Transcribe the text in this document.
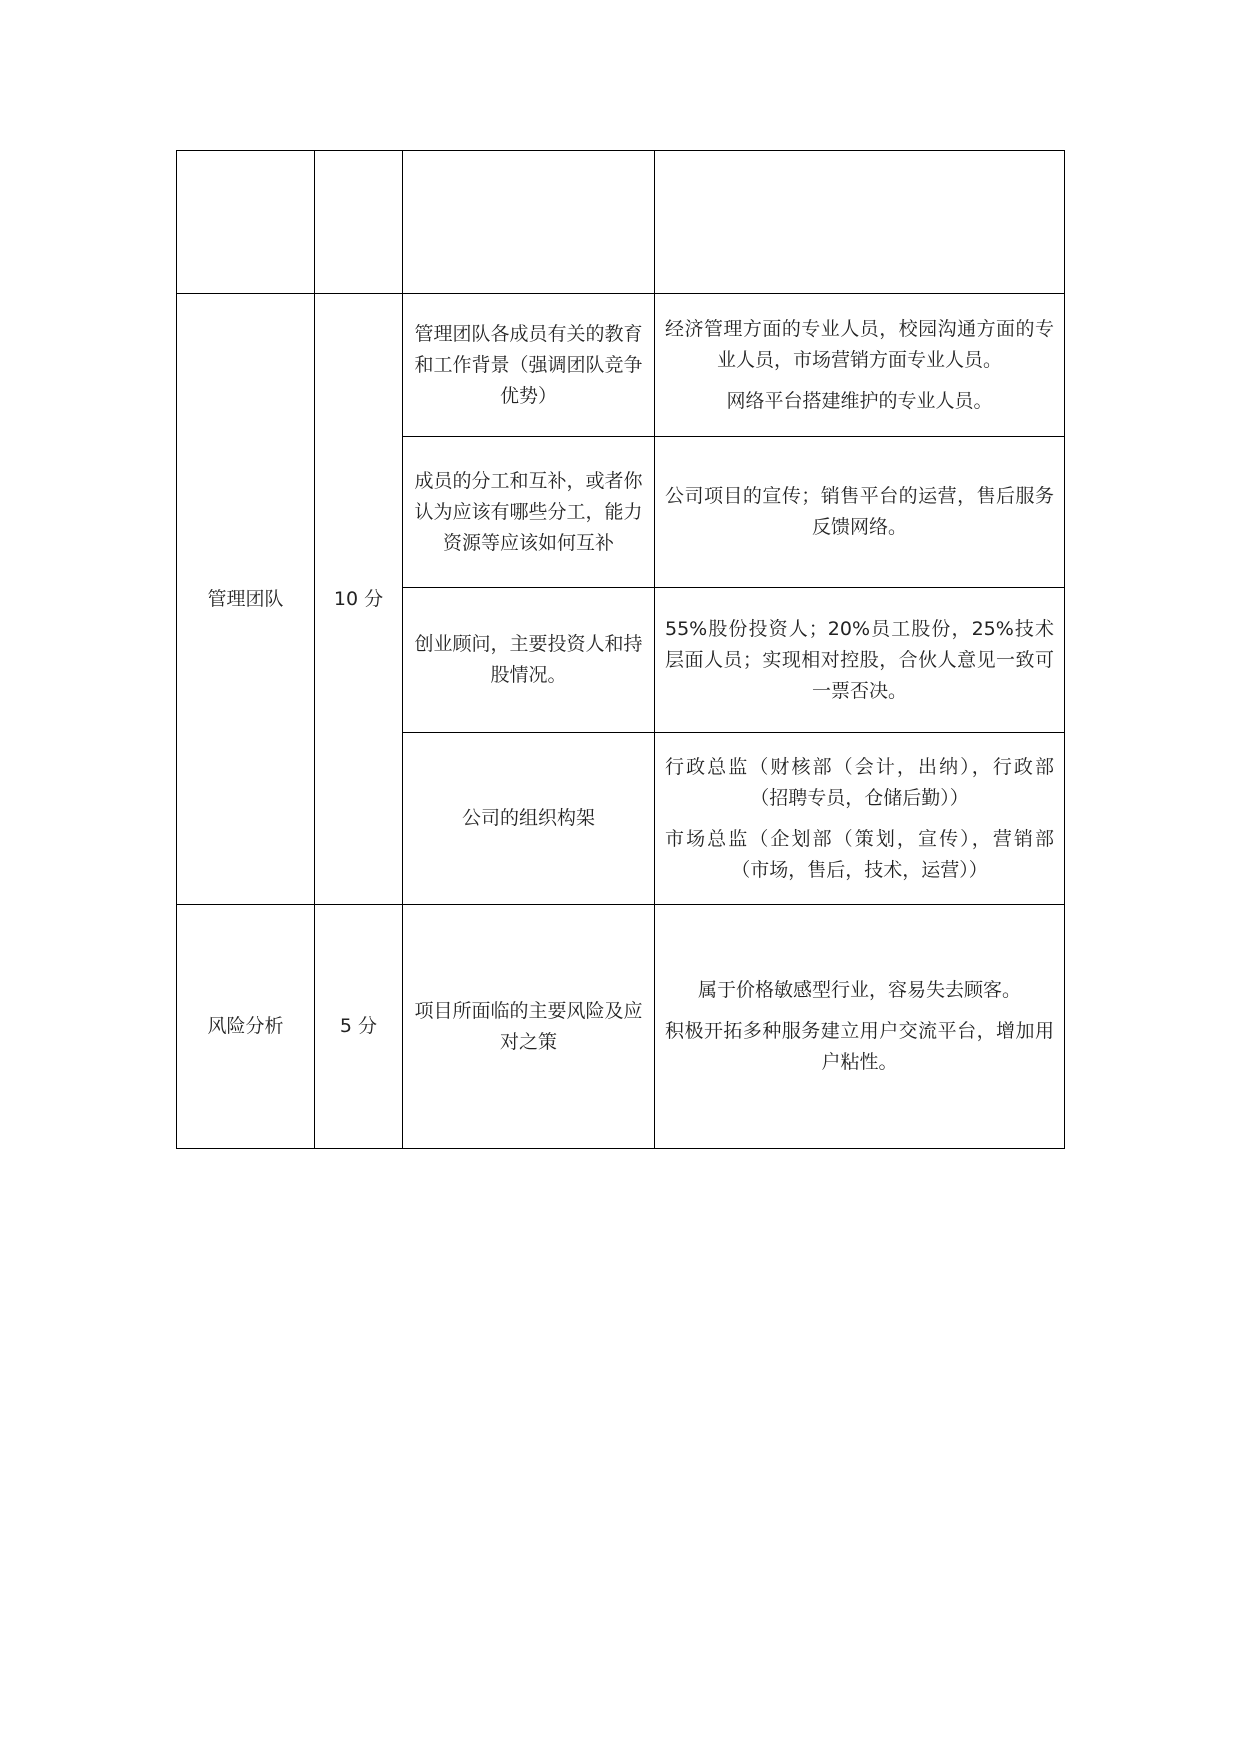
管理团队	10 分	管理团队各成员有关的教育和工作背景（强调团队竞争优势）	经济管理方面的专业人员，校园沟通方面的专业人员，市场营销方面专业人员。

网络平台搭建维护的专业人员。

		成员的分工和互补，或者你认为应该有哪些分工，能力资源等应该如何互补	公司项目的宣传；销售平台的运营，售后服务反馈网络。

		创业顾问，主要投资人和持股情况。	55%股份投资人；20%员工股份，25%技术层面人员；实现相对控股，合伙人意见一致可一票否决。

		公司的组织构架	行政总监（财核部（会计，出纳），行政部（招聘专员，仓储后勤））

市场总监（企划部（策划，宣传），营销部（市场，售后，技术，运营））

风险分析	5 分	项目所面临的主要风险及应对之策	属于价格敏感型行业，容易失去顾客。

积极开拓多种服务建立用户交流平台，增加用户粘性。
